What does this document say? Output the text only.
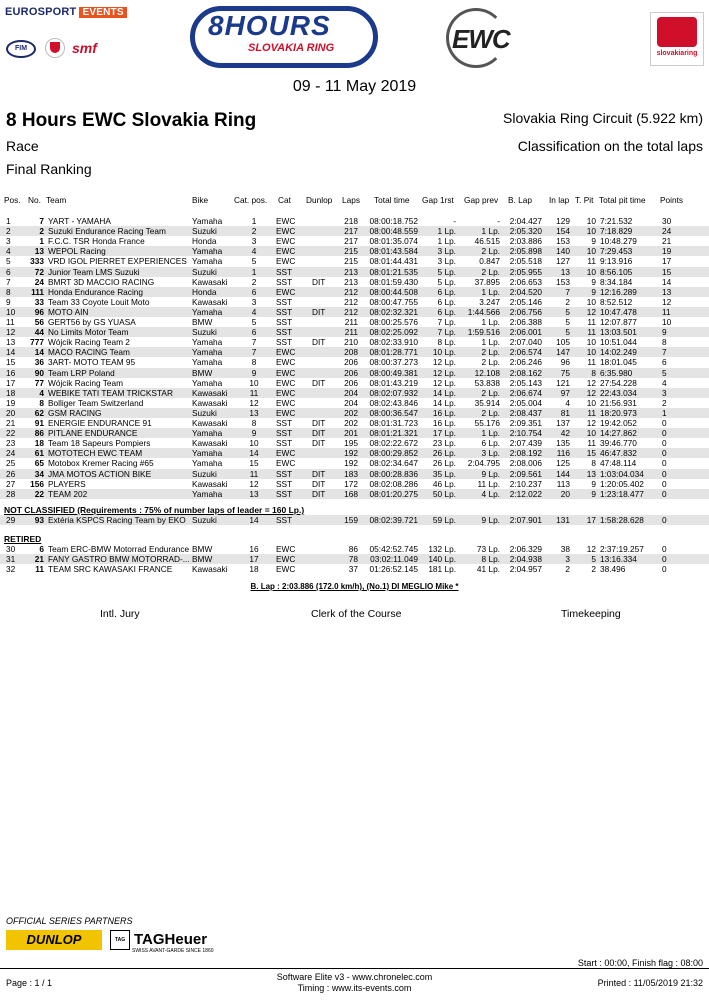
EUROSPORT EVENTS
FIM	smf
8HOURS
SLOVAKIA RING	EWC	slovakiaring
09 - 11 May 2019
8 Hours EWC Slovakia Ring	Slovakia Ring Circuit (5.922 km)
Race	Classification on the total laps
Final Ranking
Pos. No. Team	Bike	Cat. pos. Cat Dunlop Laps Total time Gap 1rst Gap prev B. Lap In lap T. Pit Total pit time Points
1	7 YART - YAMAHA	Yamaha	1	EWC	218	08:00:18.752	-	-	2:04.427	129	10 7:21.532	30
2	2 Suzuki Endurance Racing Team	Suzuki	2	EWC	217	08:00:48.559	1 Lp.	1 Lp.	2:05.320	154	10 7:18.829	24
3	1 F.C.C. TSR Honda France	Honda	3	EWC	217	08:01:35.074	1 Lp.	46.515	2:03.886	153	9 10:48.279	21
4	13 WEPOL Racing	Yamaha	4	EWC	215	08:01:43.584	3 Lp.	2 Lp.	2:05.898	140	10 7:29.453	19
5	333 VRD IGOL PIERRET EXPERIENCES Yamaha	5	EWC	215	08:01:44.431	3 Lp.	0.847	2:05.518	127	11 9:13.916	17
6	72 Junior Team LMS Suzuki	Suzuki	1	SST	213	08:01:21.535	5 Lp.	2 Lp.	2:05.955	13	10 8:56.105	15
7	24 BMRT 3D MACCIO RACING	Kawasaki	2	SST	DIT	213	08:01:59.430	5 Lp.	37.895	2:06.653	153	9 8:34.184	14
8	111 Honda Endurance Racing	Honda	6	EWC	212	08:00:44.508	6 Lp.	1 Lp.	2:04.520	7	9 12:16.289	13
9	33 Team 33 Coyote Louit Moto	Kawasaki	3	SST	212	08:00:47.755	6 Lp.	3.247	2:05.146	2	10 8:52.512	12
10	96 MOTO AIN	Yamaha	4	SST	DIT	212	08:02:32.321	6 Lp.	1:44.566	2:06.756	5	12 10:47.478	11
11	56 GERT56 by GS YUASA	BMW	5	SST	211	08:00:25.576	7 Lp.	1 Lp.	2:06.388	5	11 12:07.877	10
12	44 No Limits Motor Team	Suzuki	6	SST	211	08:02:25.092	7 Lp.	1:59.516	2:06.001	5	11 13:03.501	9
13	777 Wójcik Racing Team 2	Yamaha	7	SST	DIT	210	08:02:33.910	8 Lp.	1 Lp.	2:07.040	105	10 10:51.044	8
14	14 MACO RACING Team	Yamaha	7	EWC	208	08:01:28.771	10 Lp.	2 Lp.	2:06.574	147	10 14:02.249	7
15	36 3ART- MOTO TEAM 95	Yamaha	8	EWC	206	08:00:37.273	12 Lp.	2 Lp.	2:06.246	96	11 18:01.045	6
16	90 Team LRP Poland	BMW	9	EWC	206	08:00:49.381	12 Lp.	12.108	2:08.162	75	8 6:35.980	5
17	77 Wójcik Racing Team	Yamaha	10	EWC	DIT	206	08:01:43.219	12 Lp.	53.838	2:05.143	121	12 27:54.228	4
18	4 WEBIKE TATI TEAM TRICKSTAR	Kawasaki	11	EWC	204	08:02:07.932	14 Lp.	2 Lp.	2:06.674	97	12 22:43.034	3
19	8 Bolliger Team Switzerland	Kawasaki	12	EWC	204	08:02:43.846	14 Lp.	35.914	2:05.004	4	10 21:56.931	2
20	62 GSM RACING	Suzuki	13	EWC	202	08:00:36.547	16 Lp.	2 Lp.	2:08.437	81	11 18:20.973	1
21	91 ENERGIE ENDURANCE 91	Kawasaki	8	SST	DIT	202	08:01:31.723	16 Lp.	55.176	2:09.351	137	12 19:42.052	0
22	86 PITLANE ENDURANCE	Yamaha	9	SST	DIT	201	08:01:21.321	17 Lp.	1 Lp.	2:10.754	42	10 14:27.862	0
23	18 Team 18 Sapeurs Pompiers	Kawasaki	10	SST	DIT	195	08:02:22.672	23 Lp.	6 Lp.	2:07.439	135	11 39:46.770	0
24	61 MOTOTECH EWC TEAM	Yamaha	14	EWC	192	08:00:29.852	26 Lp.	3 Lp.	2:08.192	116	15 46:47.832	0
25	65 Motobox Kremer Racing #65	Yamaha	15	EWC	192	08:02:34.647	26 Lp.	2:04.795	2:08.006	125	8 47:48.114	0
26	34 JMA MOTOS ACTION BIKE	Suzuki	11	SST	DIT	183	08:00:28.836	35 Lp.	9 Lp.	2:09.561	144	13 1:03:04.034	0
27	156 PLAYERS	Kawasaki	12	SST	DIT	172	08:02:08.286	46 Lp.	11 Lp.	2:10.237	113	9 1:20:05.402	0
28	22 TEAM 202	Yamaha	13	SST	DIT	168	08:01:20.275	50 Lp.	4 Lp.	2:12.022	20	9 1:23:18.477	0
29	93 Extéria KSPCS Racing Team by EKO Suzuki	14	SST	159	08:02:39.721	59 Lp.	9 Lp.	2:07.901	131	17 1:58:28.628	0
30	6 Team ERC-BMW Motorrad Endurance BMW	16	EWC	86	05:42:52.745	132 Lp.	73 Lp.	2:06.329	38	12 2:37:19.257	0
31	21 FANY GASTRO BMW MOTORRAD-... BMW	17	EWC	78	03:02:11.049	140 Lp.	8 Lp.	2:04.938	3	5 13:16.334	0
32	11 TEAM SRC KAWASAKI FRANCE	Kawasaki	18	EWC	37	01:26:52.145	181 Lp.	41 Lp.	2:04.957	2	2 38.496	0
NOT CLASSIFIED (Requirements : 75% of number laps of leader = 160 Lp.)
RETIRED
B. Lap : 2:03.886 (172.0 km/h), (No.1) DI MEGLIO Mike *
Intl. Jury	Clerk of the Course	Timekeeping
OFFICIAL SERIES PARTNERS
DUNLOP	TAG TAGHeuer
SWISS AVANT-GARDE SINCE 1860
Start : 00:00, Finish flag : 08:00
Page : 1 / 1
Software Elite v3 - www.chronelec.com
Timing : www.its-events.com	Printed : 11/05/2019 21:32
